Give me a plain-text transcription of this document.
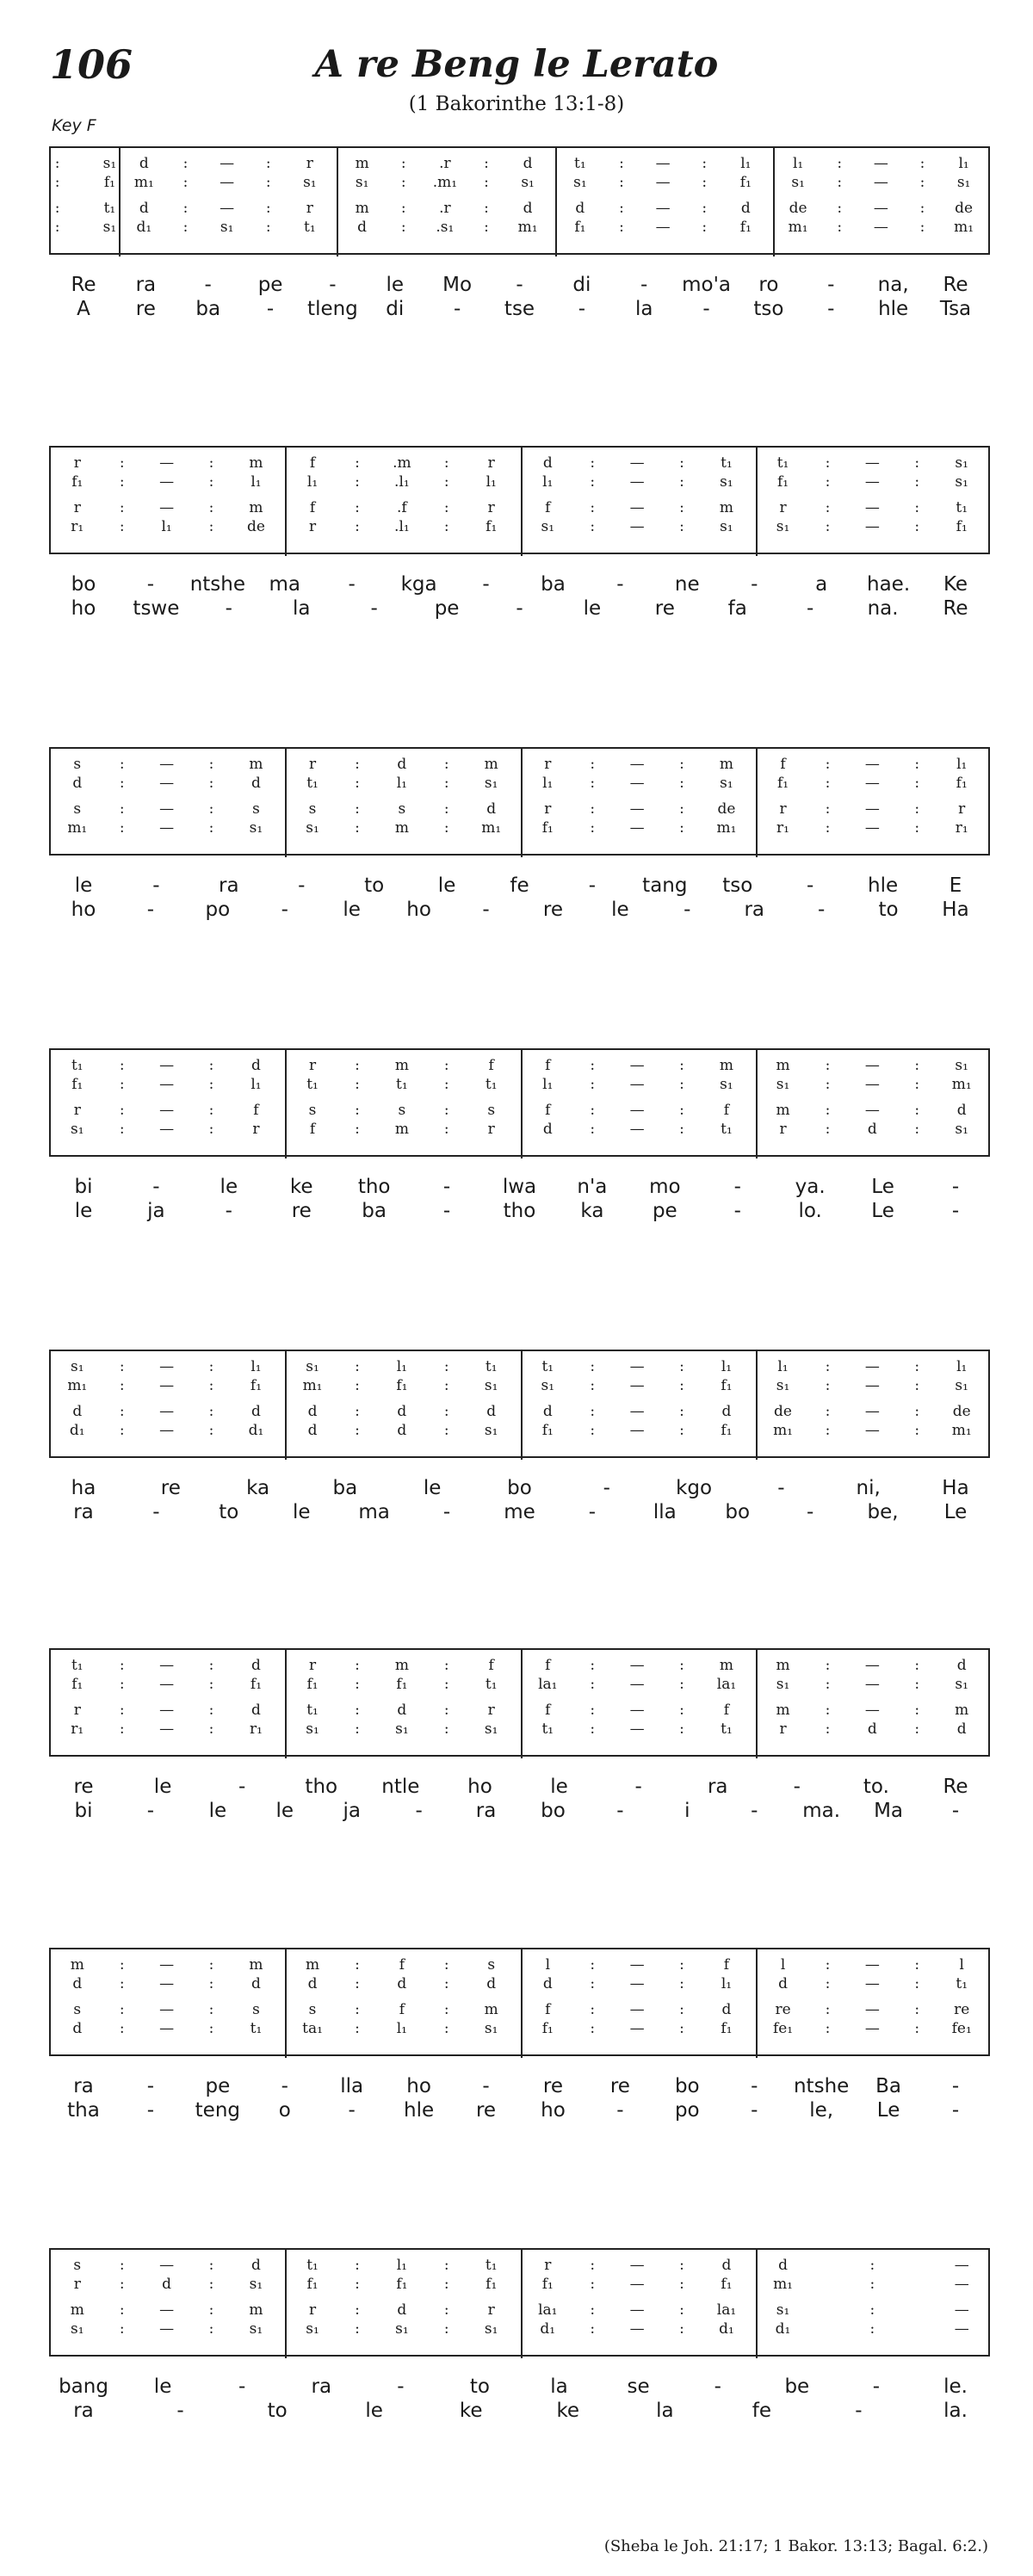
106	A re Beng le Lerato
(1 Bakorinthe 13:1-8)
Key F
:	s₁
:	f₁
:	t₁
:	s₁
d : — : r
m₁ : — : s₁
d : — : r
d₁ : s₁ : t₁
m : .r : d
s₁ : .m₁ : s₁
m : .r : d
d : .s₁ : m₁
t₁ : — : l₁
s₁ : — : f₁
d : — : d
f₁ : — : f₁
l₁ : — : l₁
s₁ : — : s₁
de : — : de
m₁ : — : m₁
Re ra - pe -	le Mo -	di	- mo'a ro - na, Re
A re ba - tleng di	- tse -	la	- tso - hle Tsa
r	: — : m
f₁	: — :	l₁
r	: — : m
r₁ :	l₁	: de
f	: .m :	r
l₁	: .l₁ :	l₁
f	:	.f	:	r
r	: .l₁ :	f₁
d	: — : t₁
l₁	: — : s₁
f	: — : m
s₁ : — : s₁
t₁ : — : s₁
f₁	: — : s₁
r	: — : t₁
s₁ : — :	f₁
bo	- ntshe ma - kga -	ba	-	ne	-	a hae. Ke
ho tswe -	la	-	pe	-	le	re	fa	-	na. Re
s	: — : m
d	: — :	d
s	: — :	s
m₁ : — : s₁
r	:	d	: m
t₁ :	l₁	: s₁
s	:	s	:	d
s₁ : m : m₁
r	: — : m
l₁	: — : s₁
r	: — : de
f₁	: — : m₁
f	: — :	l₁
f₁	: — :	f₁
r	: — :	r
r₁ : — : r₁
le	-	ra	-	to	le	fe	- tang tso	-	hle	E
ho	-	po	-	le ho	-	re le	-	ra	-	to Ha
t₁ : — :	d
f₁	: — :	l₁
r	: — :	f
s₁ : — :	r
r	: m :	f
t₁ : t₁ : t₁
s	:	s	:	s
f	: m :	r
f	: — : m
l₁	: — : s₁
f	: — :	f
d	: — : t₁
m : — : s₁
s₁ : — : m₁
m : — :	d
r	:	d	: s₁
bi	-	le	ke tho	-	lwa n'a mo	-	ya. Le	-
le	ja	-	re	ba	-	tho ka pe	-	lo. Le	-
s₁ : — :	l₁
m₁ : — :	f₁
d	: — :	d
d₁ : — : d₁
s₁ :	l₁	: t₁
m₁ :	f₁ : s₁
d	:	d	:	d
d	:	d	: s₁
t₁ : — :	l₁
s₁ : — :	f₁
d	: — :	d
f₁	: — :	f₁
l₁	: — :	l₁
s₁ : — : s₁
de : — : de
m₁ : — : m₁
ha	re	ka	ba	le	bo	-	kgo	-	ni,	Ha
ra	-	to	le ma	-	me	-	lla bo	-	be, Le
t₁ : — :	d
f₁	: — :	f₁
r	: — :	d
r₁ : — : r₁
r	: m :	f
f₁	:	f₁ : t₁
t₁ :	d	:	r
s₁ : s₁ : s₁
f	: — : m
la₁ : — : la₁
f	: — :	f
t₁ : — : t₁
m : — :	d
s₁ : — : s₁
m : — : m
r	:	d	:	d
re	le	-	tho ntle ho	le	-	ra	-	to.	Re
bi	-	le le ja	-	ra bo	-	i	- ma. Ma -
m : — : m
d	: — :	d
s	: — :	s
d	: — : t₁
m :	f	:	s
d	:	d	:	d
s	:	f	: m
ta₁ :	l₁	: s₁
l	: — :	f
d	: — :	l₁
f	: — :	d
f₁	: — :	f₁
l	: — :	l
d	: — : t₁
re : — : re
fe₁ : — : fe₁
ra	-	pe	-	lla ho	-	re re bo	- ntshe Ba	-
tha - teng o	- hle re ho	-	po	-	le, Le	-
s	: — :	d
r	:	d	: s₁
m : — : m
s₁ : — : s₁
t₁ :	l₁	: t₁
f₁	:	f₁ :	f₁
r	:	d	:	r
s₁ : s₁ : s₁
r	: — :	d
f₁	: — :	f₁
la₁ : — : la₁
d₁ : — : d₁
d	:	—
m₁	:	—
s₁	:	—
d₁	:	—
bang le	-	ra	-	to	la	se	-	be	-	le.
ra	-	to	le	ke	ke	la	fe	-	la.
(Sheba le Joh. 21:17; 1 Bakor. 13:13; Bagal. 6:2.)
